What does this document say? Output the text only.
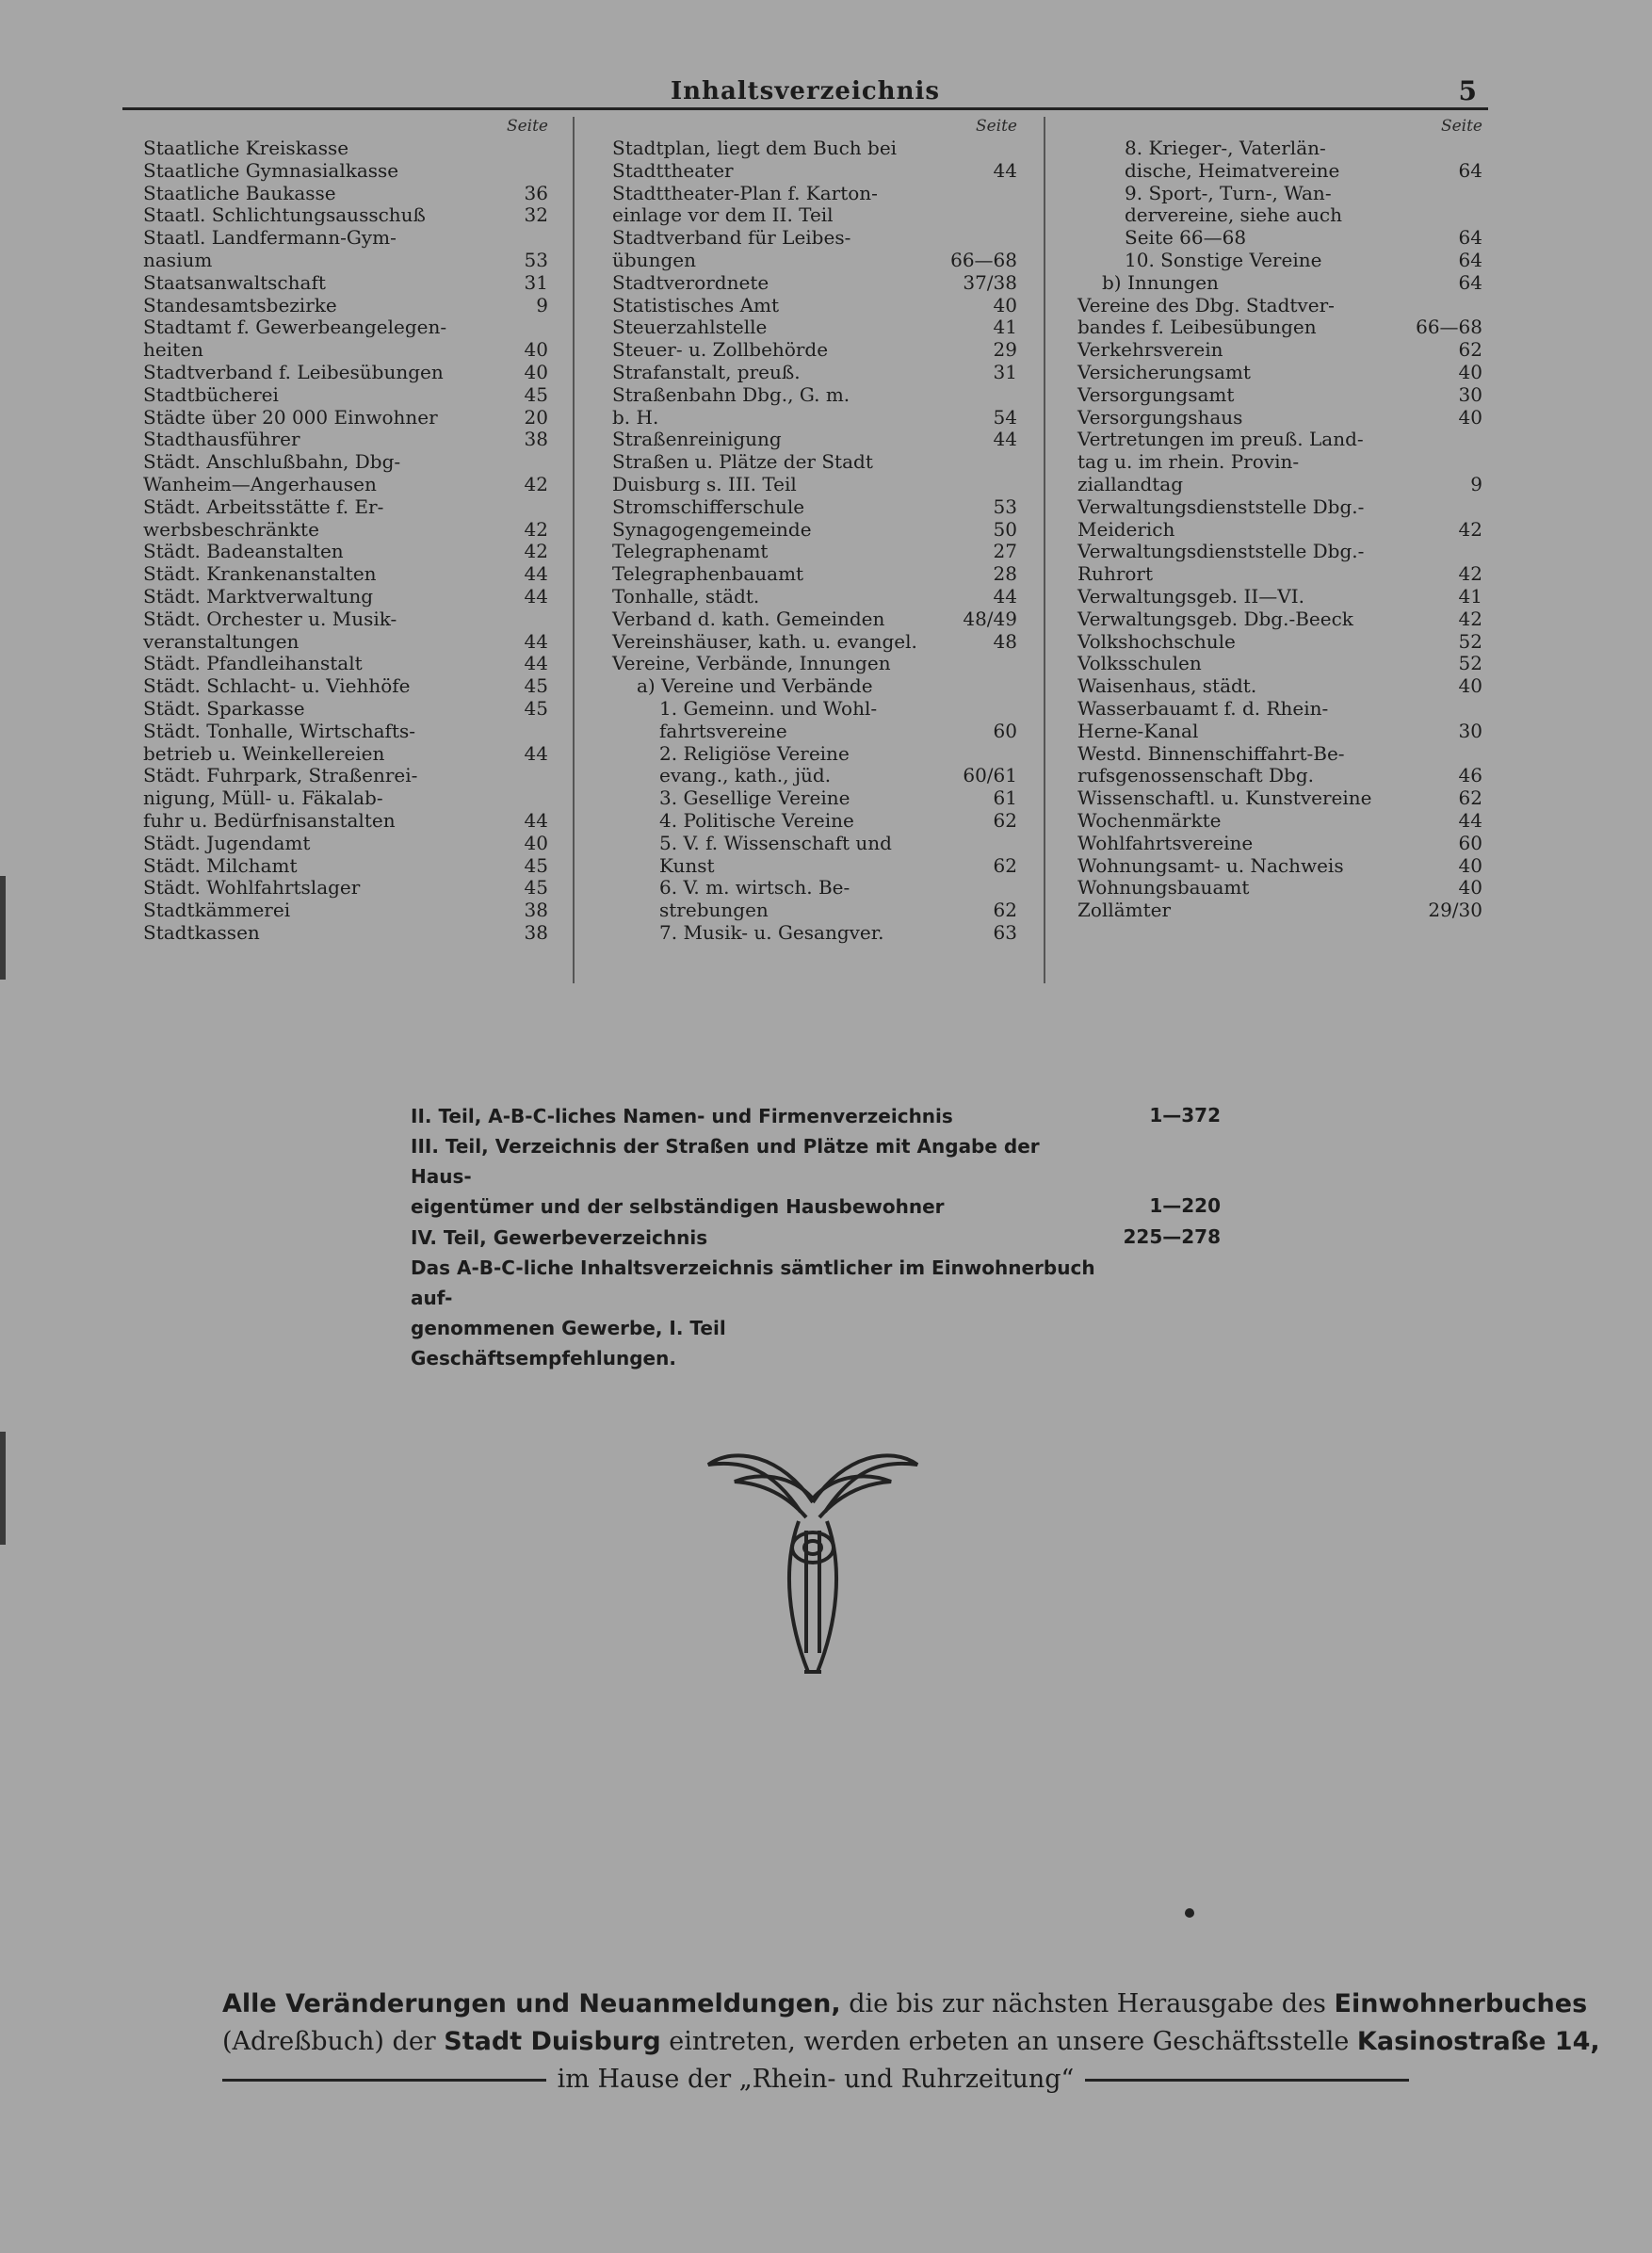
Inhaltsverzeichnis	5
Seite
Staatliche Kreiskasse
Staatliche Gymnasialkasse
Staatliche Baukasse	36
Staatl. Schlichtungsausschuß	32
Staatl. Landfermann-Gym-
nasium	53
Staatsanwaltschaft	31
Standesamtsbezirke	9
Stadtamt f. Gewerbeangelegen-
heiten	40
Stadtverband f. Leibesübungen	40
Stadtbücherei	45
Städte über 20 000 Einwohner	20
Stadthausführer	38
Städt. Anschlußbahn, Dbg-
Wanheim—Angerhausen	42
Städt. Arbeitsstätte f. Er-
werbsbeschränkte	42
Städt. Badeanstalten	42
Städt. Krankenanstalten	44
Städt. Marktverwaltung	44
Städt. Orchester u. Musik-
veranstaltungen	44
Städt. Pfandleihanstalt	44
Städt. Schlacht- u. Viehhöfe	45
Städt. Sparkasse	45
Städt. Tonhalle, Wirtschafts-
betrieb u. Weinkellereien	44
Städt. Fuhrpark, Straßenrei-
nigung, Müll- u. Fäkalab-
fuhr u. Bedürfnisanstalten	44
Städt. Jugendamt	40
Städt. Milchamt	45
Städt. Wohlfahrtslager	45
Stadtkämmerei	38
Stadtkassen	38
Seite
Stadtplan, liegt dem Buch bei
Stadttheater	44
Stadttheater-Plan f. Karton-
einlage vor dem II. Teil
Stadtverband für Leibes-
übungen	66—68
Stadtverordnete	37/38
Statistisches Amt	40
Steuerzahlstelle	41
Steuer- u. Zollbehörde	29
Strafanstalt, preuß.	31
Straßenbahn Dbg., G. m.
b. H.	54
Straßenreinigung	44
Straßen u. Plätze der Stadt
Duisburg s. III. Teil
Stromschifferschule	53
Synagogengemeinde	50
Telegraphenamt	27
Telegraphenbauamt	28
Tonhalle, städt.	44
Verband d. kath. Gemeinden	48/49
Vereinshäuser, kath. u. evangel.	48
Vereine, Verbände, Innungen
a) Vereine und Verbände
1. Gemeinn. und Wohl-
fahrtsvereine	60
2. Religiöse Vereine
evang., kath., jüd.	60/61
3. Gesellige Vereine	61
4. Politische Vereine	62
5. V. f. Wissenschaft und
Kunst	62
6. V. m. wirtsch. Be-
strebungen	62
7. Musik- u. Gesangver.	63
Seite
8. Krieger-, Vaterlän-
dische, Heimatvereine	64
9. Sport-, Turn-, Wan-
dervereine, siehe auch
Seite 66—68	64
10. Sonstige Vereine	64
b) Innungen	64
Vereine des Dbg. Stadtver-
bandes f. Leibesübungen	66—68
Verkehrsverein	62
Versicherungsamt	40
Versorgungsamt	30
Versorgungshaus	40
Vertretungen im preuß. Land-
tag u. im rhein. Provin-
ziallandtag	9
Verwaltungsdienststelle Dbg.-
Meiderich	42
Verwaltungsdienststelle Dbg.-
Ruhrort	42
Verwaltungsgeb. II—VI.	41
Verwaltungsgeb. Dbg.-Beeck	42
Volkshochschule	52
Volksschulen	52
Waisenhaus, städt.	40
Wasserbauamt f. d. Rhein-
Herne-Kanal	30
Westd. Binnenschiffahrt-Be-
rufsgenossenschaft Dbg.	46
Wissenschaftl. u. Kunstvereine	62
Wochenmärkte	44
Wohlfahrtsvereine	60
Wohnungsamt- u. Nachweis	40
Wohnungsbauamt	40
Zollämter	29/30
II. Teil, A-B-C-liches Namen- und Firmenverzeichnis	1—372
III. Teil, Verzeichnis der Straßen und Plätze mit Angabe der Haus-
eigentümer und der selbständigen Hausbewohner	1—220
IV. Teil, Gewerbeverzeichnis	225—278
Das A-B-C-liche Inhaltsverzeichnis sämtlicher im Einwohnerbuch auf-
genommenen Gewerbe, I. Teil
Geschäftsempfehlungen.
Alle Veränderungen und Neuanmeldungen, die bis zur nächsten Herausgabe des Einwohnerbuches
(Adreßbuch) der Stadt Duisburg eintreten, werden erbeten an unsere Geschäftsstelle Kasinostraße 14,
im Hause der „Rhein- und Ruhrzeitung“
